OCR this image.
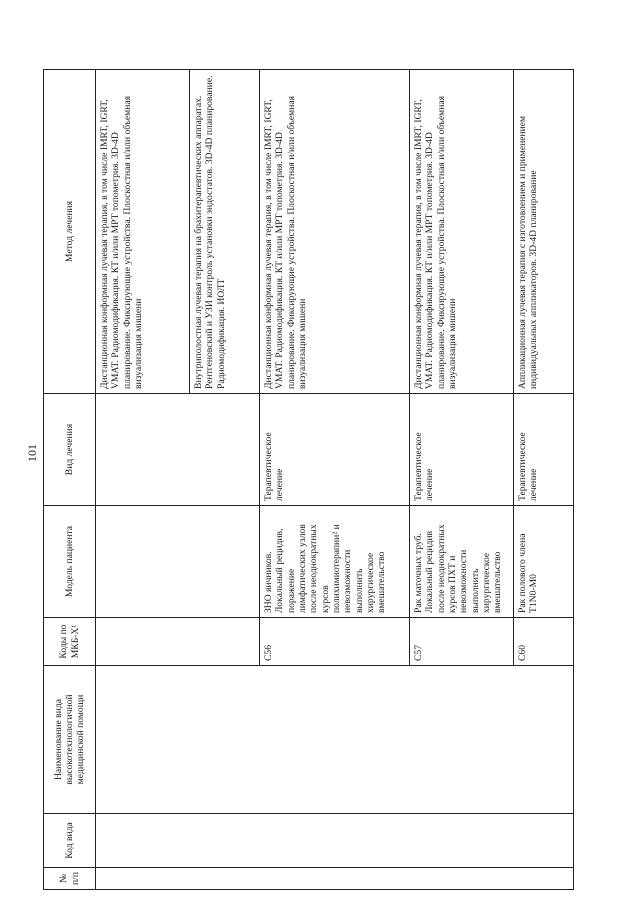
101
№ п/п	Код вида	Наименование вида высокотехнологичной медицинской помощи	Коды по МКБ-X¹	Модель пациента	Вид лечения	Метод лечения
						Дистанционная конформная лучевая терапия, в том числе IMRT, IGRT, VMAT. Радиомодификация. КТ и/или МРТ топометрия. 3D-4D планирование. Фиксирующие устройства. Плоскостная и/или объемная визуализация мишени
						Внутриполостная лучевая терапия на брахитерапевтических аппаратах. Рентгеновский и УЗИ контроль установки эндостатов. 3D-4D планирование. Радиомодификация. ИОЛТ
			C56	ЗНО яичников. Локальный рецидив, поражение лимфатических узлов после неоднократных курсов полихимиотерапии² и невозможности выполнить хирургическое вмешательство	Терапевтическое лечение	Дистанционная конформная лучевая терапия, в том числе IMRT, IGRT, VMAT. Радиомодификация. КТ и/или МРТ топометрия. 3D-4D планирование. Фиксирующие устройства. Плоскостная и/или объемная визуализация мишени
			C57	Рак маточных труб. Локальный рецидив после неоднократных курсов ПХТ и невозможности выполнить хирургическое вмешательство	Терапевтическое лечение	Дистанционная конформная лучевая терапия, в том числе IMRT, IGRT, VMAT. Радиомодификация. КТ и/или МРТ топометрия. 3D-4D планирование. Фиксирующие устройства. Плоскостная и/или объемная визуализация мишени
			C60	Рак полового члена T1N0-M0	Терапевтическое лечение	Аппликационная лучевая терапия с изготовлением и применением индивидуальных аппликаторов. 3D-4D планирование
